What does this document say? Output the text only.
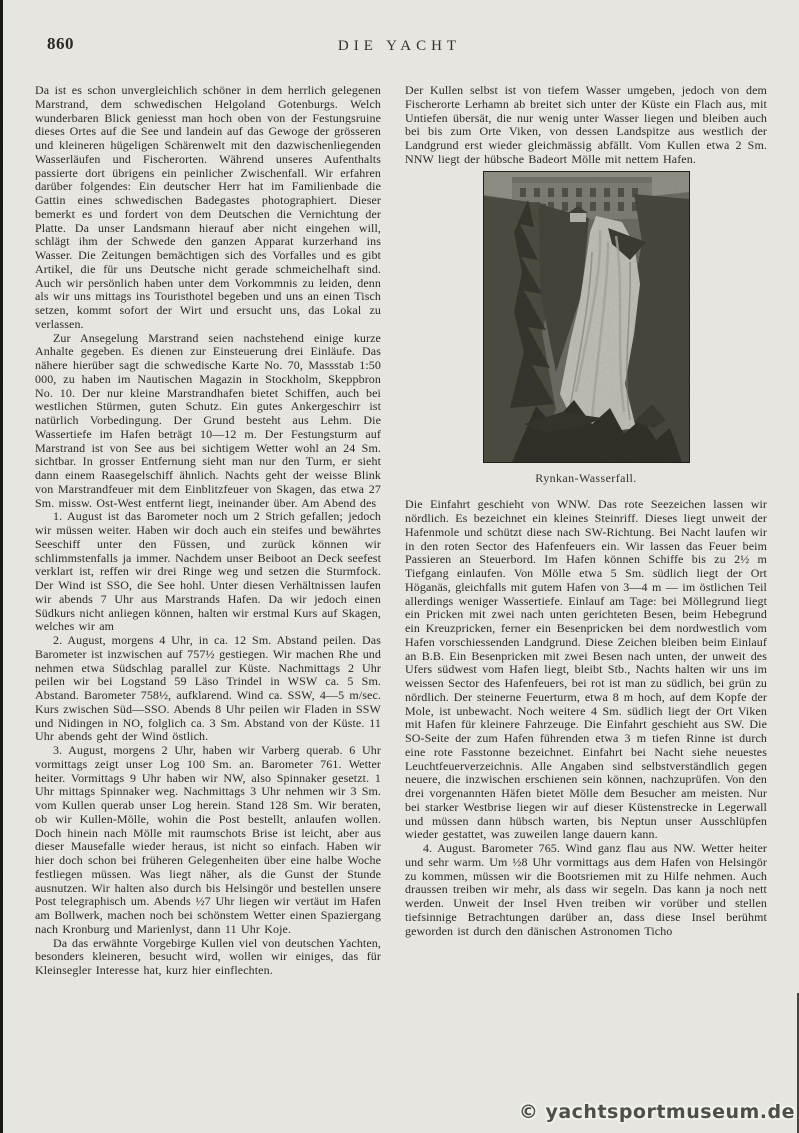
860	DIE YACHT

Da ist es schon unvergleichlich schöner in dem herrlich gelegenen Marstrand, dem schwedischen Helgoland Gotenburgs. Welch wunderbaren Blick geniesst man hoch oben von der Festungsruine dieses Ortes auf die See und landein auf das Gewoge der grösseren und kleineren hügeligen Schärenwelt mit den dazwischenliegenden Wasserläufen und Fischerorten. Während unseres Aufenthalts passierte dort übrigens ein peinlicher Zwischenfall. Wir erfahren darüber folgendes: Ein deutscher Herr hat im Familienbade die Gattin eines schwedischen Badegastes photographiert. Dieser bemerkt es und fordert von dem Deutschen die Vernichtung der Platte. Da unser Landsmann hierauf aber nicht eingehen will, schlägt ihm der Schwede den ganzen Apparat kurzerhand ins Wasser. Die Zeitungen bemächtigen sich des Vorfalles und es gibt Artikel, die für uns Deutsche nicht gerade schmeichelhaft sind. Auch wir persönlich haben unter dem Vorkommnis zu leiden, denn als wir uns mittags ins Touristhotel begeben und uns an einen Tisch setzen, kommt sofort der Wirt und ersucht uns, das Lokal zu verlassen.

Zur Ansegelung Marstrand seien nachstehend einige kurze Anhalte gegeben. Es dienen zur Einsteuerung drei Einläufe. Das nähere hierüber sagt die schwedische Karte No. 70, Massstab 1:50 000, zu haben im Nautischen Magazin in Stockholm, Skeppbron No. 10. Der nur kleine Marstrandhafen bietet Schiffen, auch bei westlichen Stürmen, guten Schutz. Ein gutes Ankergeschirr ist natürlich Vorbedingung. Der Grund besteht aus Lehm. Die Wassertiefe im Hafen beträgt 10—12 m. Der Festungsturm auf Marstrand ist von See aus bei sichtigem Wetter wohl an 24 Sm. sichtbar. In grosser Entfernung sieht man nur den Turm, er sieht dann einem Raasegelschiff ähnlich. Nachts geht der weisse Blink von Marstrandfeuer mit dem Einblitzfeuer von Skagen, das etwa 27 Sm. missw. Ost-West entfernt liegt, ineinander über. Am Abend des

1. August ist das Barometer noch um 2 Strich gefallen; jedoch wir müssen weiter. Haben wir doch auch ein steifes und bewährtes Seeschiff unter den Füssen, und zurück können wir schlimmstenfalls ja immer. Nachdem unser Beiboot an Deck seefest verklart ist, reffen wir drei Ringe weg und setzen die Sturmfock. Der Wind ist SSO, die See hohl. Unter diesen Verhältnissen laufen wir abends 7 Uhr aus Marstrands Hafen. Da wir jedoch einen Südkurs nicht anliegen können, halten wir erstmal Kurs auf Skagen, welches wir am

2. August, morgens 4 Uhr, in ca. 12 Sm. Abstand peilen. Das Barometer ist inzwischen auf 757½ gestiegen. Wir machen Rhe und nehmen etwa Südschlag parallel zur Küste. Nachmittags 2 Uhr peilen wir bei Logstand 59 Läso Trindel in WSW ca. 5 Sm. Abstand. Barometer 758½, aufklarend. Wind ca. SSW, 4—5 m/sec. Kurs zwischen Süd—SSO. Abends 8 Uhr peilen wir Fladen in SSW und Nidingen in NO, folglich ca. 3 Sm. Abstand von der Küste. 11 Uhr abends geht der Wind östlich.

3. August, morgens 2 Uhr, haben wir Varberg querab. 6 Uhr vormittags zeigt unser Log 100 Sm. an. Barometer 761. Wetter heiter. Vormittags 9 Uhr haben wir NW, also Spinnaker gesetzt. 1 Uhr mittags Spinnaker weg. Nachmittags 3 Uhr nehmen wir 3 Sm. vom Kullen querab unser Log herein. Stand 128 Sm. Wir beraten, ob wir Kullen-Mölle, wohin die Post bestellt, anlaufen wollen. Doch hinein nach Mölle mit raumschots Brise ist leicht, aber aus dieser Mausefalle wieder heraus, ist nicht so einfach. Haben wir hier doch schon bei früheren Gelegenheiten über eine halbe Woche festliegen müssen. Was liegt näher, als die Gunst der Stunde ausnutzen. Wir halten also durch bis Helsingör und bestellen unsere Post telegraphisch um. Abends ½7 Uhr liegen wir vertäut im Hafen am Bollwerk, machen noch bei schönstem Wetter einen Spaziergang nach Kronburg und Marienlyst, dann 11 Uhr Koje.

Da das erwähnte Vorgebirge Kullen viel von deutschen Yachten, besonders kleineren, besucht wird, wollen wir einiges, das für Kleinsegler Interesse hat, kurz hier einflechten.

Der Kullen selbst ist von tiefem Wasser umgeben, jedoch von dem Fischerorte Lerhamn ab breitet sich unter der Küste ein Flach aus, mit Untiefen übersät, die nur wenig unter Wasser liegen und bleiben auch bei bis zum Orte Viken, von dessen Landspitze aus westlich der Landgrund erst wieder gleichmässig abfällt. Vom Kullen etwa 2 Sm. NNW liegt der hübsche Badeort Mölle mit nettem Hafen.

Rynkan-Wasserfall.

Die Einfahrt geschieht von WNW. Das rote Seezeichen lassen wir nördlich. Es bezeichnet ein kleines Steinriff. Dieses liegt unweit der Hafenmole und schützt diese nach SW-Richtung. Bei Nacht laufen wir in den roten Sector des Hafenfeuers ein. Wir lassen das Feuer beim Passieren an Steuerbord. Im Hafen können Schiffe bis zu 2½ m Tiefgang einlaufen. Von Mölle etwa 5 Sm. südlich liegt der Ort Höganäs, gleichfalls mit gutem Hafen von 3—4 m — im östlichen Teil allerdings weniger Wassertiefe. Einlauf am Tage: bei Möllegrund liegt ein Pricken mit zwei nach unten gerichteten Besen, beim Hebegrund ein Kreuzpricken, ferner ein Besenpricken bei dem nordwestlich vom Hafen vorschiessenden Landgrund. Diese Zeichen bleiben beim Einlauf an B.B. Ein Besenpricken mit zwei Besen nach unten, der unweit des Ufers südwest vom Hafen liegt, bleibt Stb., Nachts halten wir uns im weissen Sector des Hafenfeuers, bei rot ist man zu südlich, bei grün zu nördlich. Der steinerne Feuerturm, etwa 8 m hoch, auf dem Kopfe der Mole, ist unbewacht. Noch weitere 4 Sm. südlich liegt der Ort Viken mit Hafen für kleinere Fahrzeuge. Die Einfahrt geschieht aus SW. Die SO-Seite der zum Hafen führenden etwa 3 m tiefen Rinne ist durch eine rote Fasstonne bezeichnet. Einfahrt bei Nacht siehe neuestes Leuchtfeuerverzeichnis. Alle Angaben sind selbstverständlich gegen neuere, die inzwischen erschienen sein können, nachzuprüfen. Von den drei vorgenannten Häfen bietet Mölle dem Besucher am meisten. Nur bei starker Westbrise liegen wir auf dieser Küstenstrecke in Legerwall und müssen dann hübsch warten, bis Neptun unser Ausschlüpfen wieder gestattet, was zuweilen lange dauern kann.

4. August. Barometer 765. Wind ganz flau aus NW. Wetter heiter und sehr warm. Um ½8 Uhr vormittags aus dem Hafen von Helsingör zu kommen, müssen wir die Bootsriemen mit zu Hilfe nehmen. Auch draussen treiben wir mehr, als dass wir segeln. Das kann ja noch nett werden. Unweit der Insel Hven treiben wir vorüber und stellen tiefsinnige Betrachtungen darüber an, dass diese Insel berühmt geworden ist durch den dänischen Astronomen Ticho

© yachtsportmuseum.de
